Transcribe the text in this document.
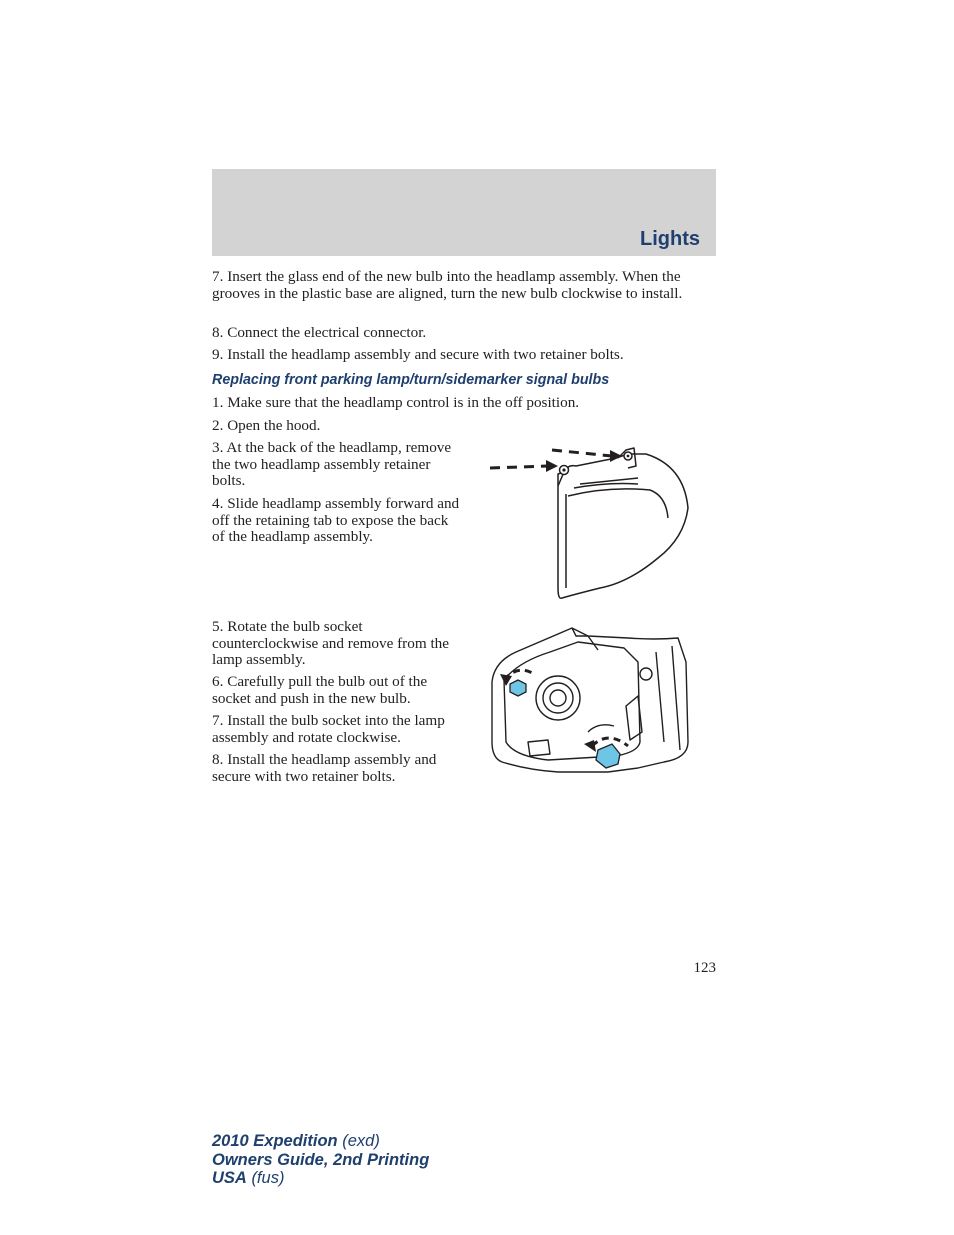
Lights

7. Insert the glass end of the new bulb into the headlamp assembly. When the grooves in the plastic base are aligned, turn the new bulb clockwise to install.

8. Connect the electrical connector.

9. Install the headlamp assembly and secure with two retainer bolts.

Replacing front parking lamp/turn/sidemarker signal bulbs

1. Make sure that the headlamp control is in the off position.

2. Open the hood.

3. At the back of the headlamp, remove the two headlamp assembly retainer bolts.

4. Slide headlamp assembly forward and off the retaining tab to expose the back of the headlamp assembly.

5. Rotate the bulb socket counterclockwise and remove from the lamp assembly.

6. Carefully pull the bulb out of the socket and push in the new bulb.

7. Install the bulb socket into the lamp assembly and rotate clockwise.

8. Install the headlamp assembly and secure with two retainer bolts.

123
2010 Expedition (exd)
Owners Guide, 2nd Printing
USA (fus)
